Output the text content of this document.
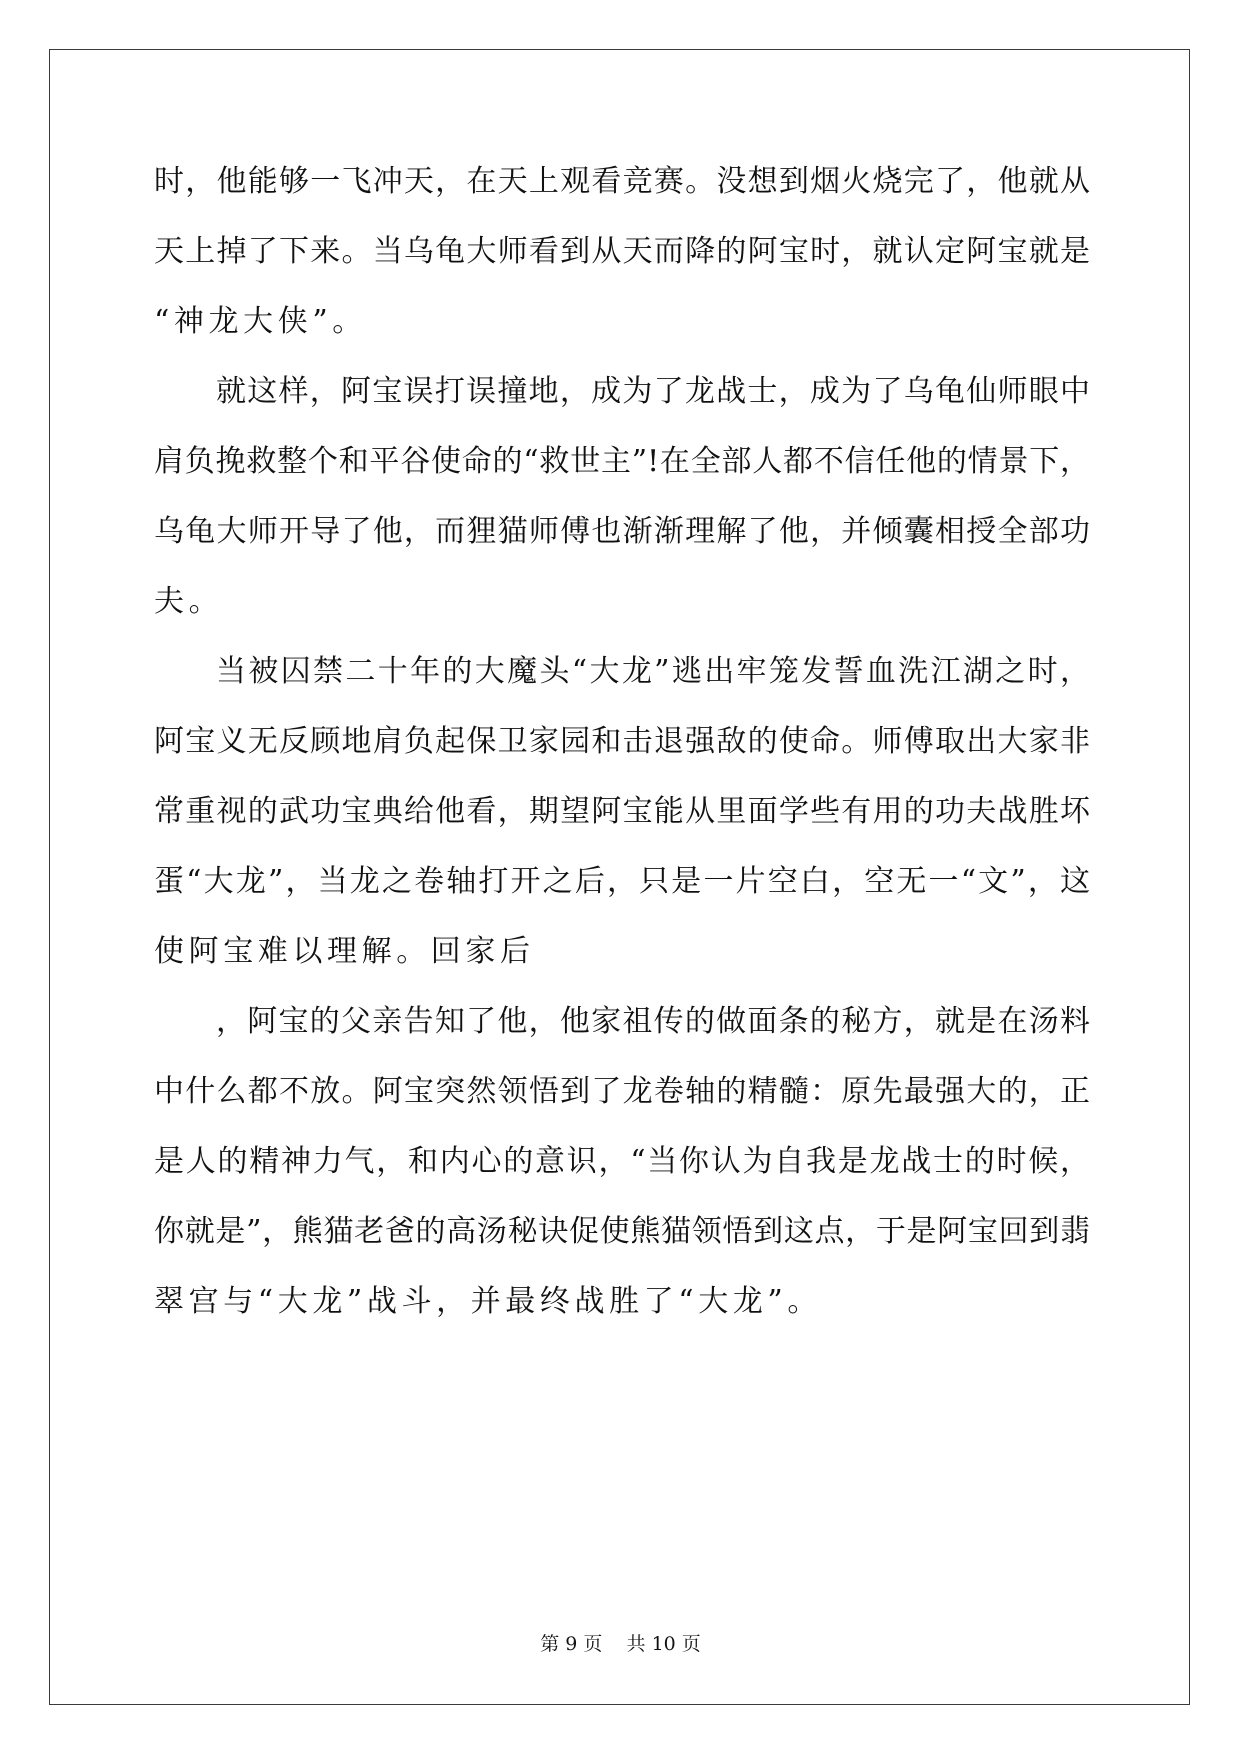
时，他能够一飞冲天，在天上观看竞赛。没想到烟火烧完了，他就从
天上掉了下来。当乌龟大师看到从天而降的阿宝时，就认定阿宝就是
“神龙大侠”。
就这样，阿宝误打误撞地，成为了龙战士，成为了乌龟仙师眼中
肩负挽救整个和平谷使命的“救世主”!在全部人都不信任他的情景下，
乌龟大师开导了他，而狸猫师傅也渐渐理解了他，并倾囊相授全部功
夫。
当被囚禁二十年的大魔头“大龙”逃出牢笼发誓血洗江湖之时，
阿宝义无反顾地肩负起保卫家园和击退强敌的使命。师傅取出大家非
常重视的武功宝典给他看，期望阿宝能从里面学些有用的功夫战胜坏
蛋“大龙”，当龙之卷轴打开之后，只是一片空白，空无一“文”，这
使阿宝难以理解。回家后
，阿宝的父亲告知了他，他家祖传的做面条的秘方，就是在汤料
中什么都不放。阿宝突然领悟到了龙卷轴的精髓：原先最强大的，正
是人的精神力气，和内心的意识，“当你认为自我是龙战士的时候，
你就是”，熊猫老爸的高汤秘诀促使熊猫领悟到这点，于是阿宝回到翡
翠宫与“大龙”战斗，并最终战胜了“大龙”。
第 9 页    共 10 页
